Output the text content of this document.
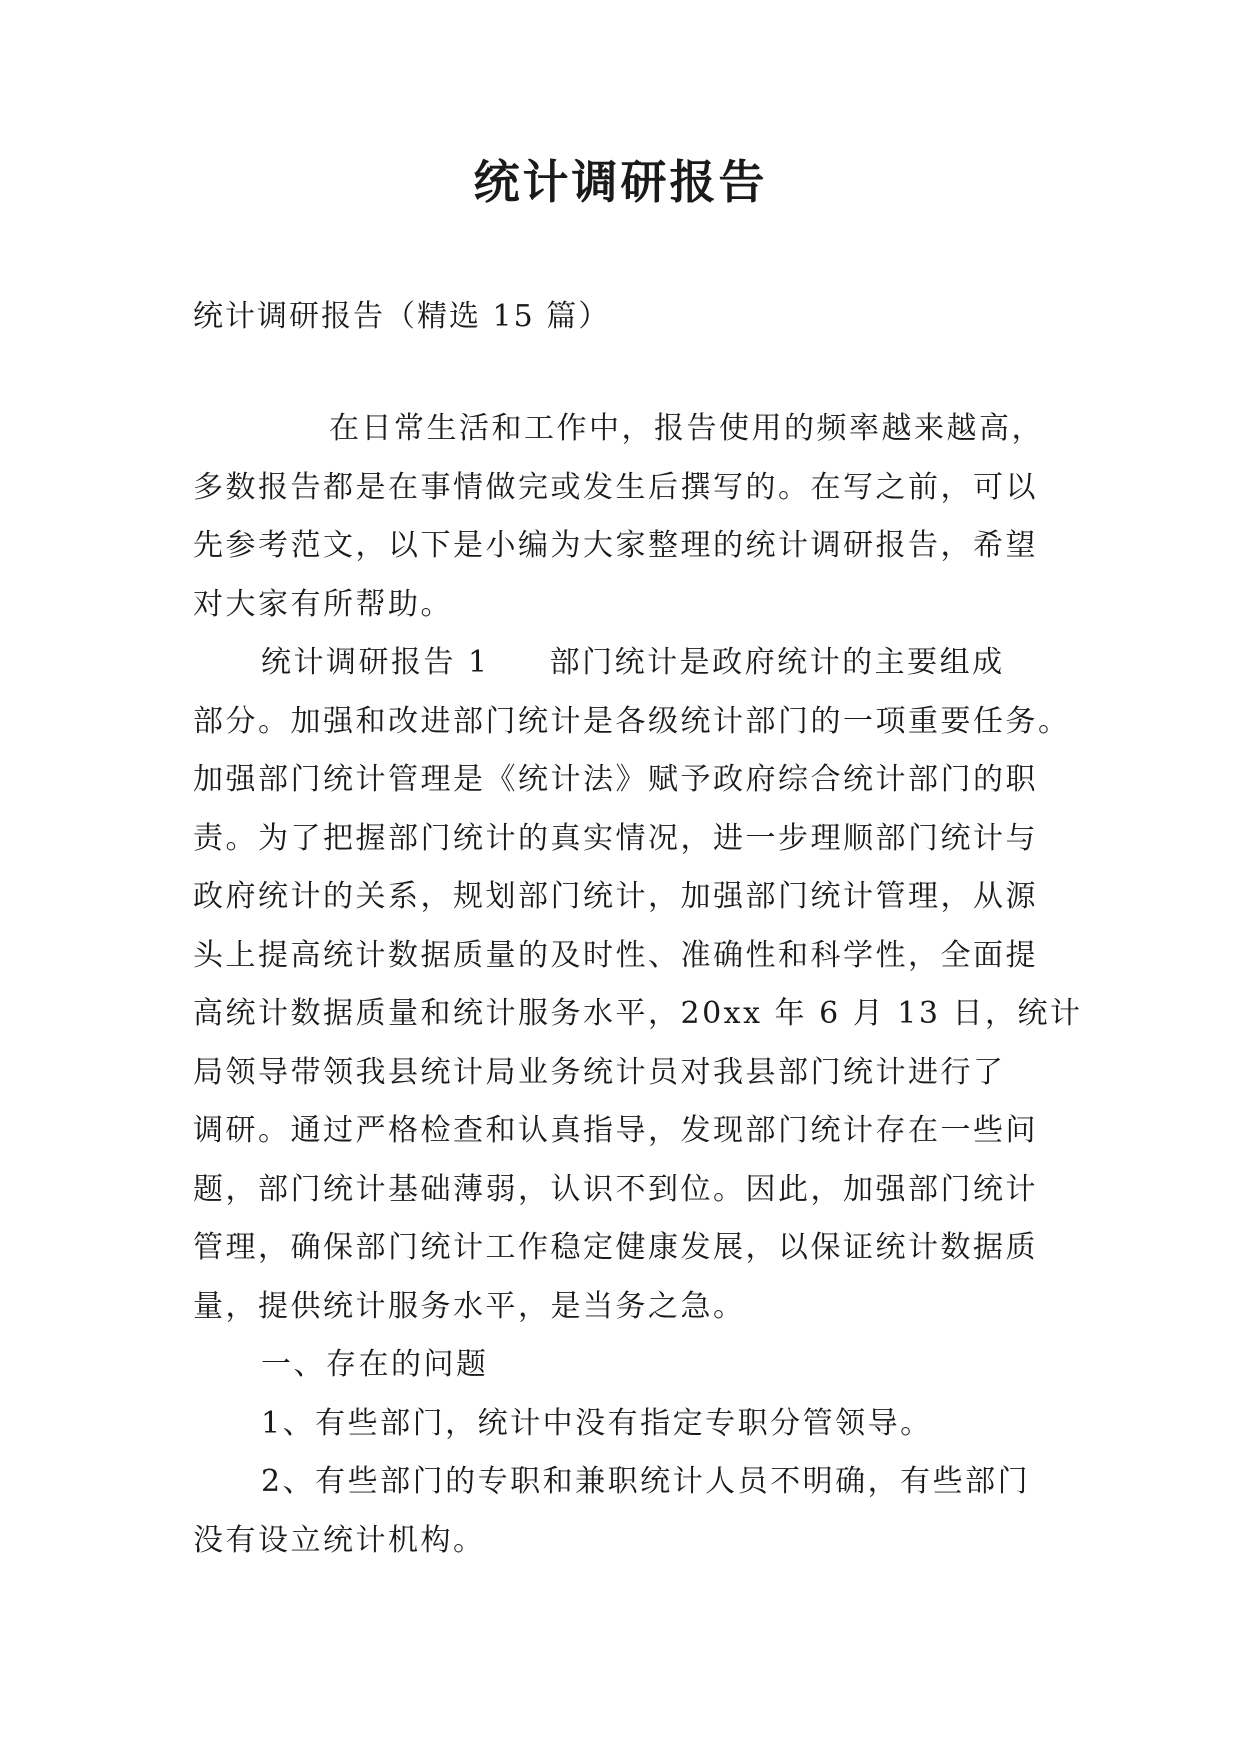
统计调研报告

统计调研报告（精选 15 篇）

在日常生活和工作中，报告使用的频率越来越高，
多数报告都是在事情做完或发生后撰写的。在写之前，可以
先参考范文，以下是小编为大家整理的统计调研报告，希望
对大家有所帮助。
统计调研报告 1 部门统计是政府统计的主要组成
部分。加强和改进部门统计是各级统计部门的一项重要任务。
加强部门统计管理是《统计法》赋予政府综合统计部门的职
责。为了把握部门统计的真实情况，进一步理顺部门统计与
政府统计的关系，规划部门统计，加强部门统计管理，从源
头上提高统计数据质量的及时性、准确性和科学性，全面提
高统计数据质量和统计服务水平，20xx 年 6 月 13 日，统计
局领导带领我县统计局业务统计员对我县部门统计进行了
调研。通过严格检查和认真指导，发现部门统计存在一些问
题，部门统计基础薄弱，认识不到位。因此，加强部门统计
管理，确保部门统计工作稳定健康发展，以保证统计数据质
量，提供统计服务水平，是当务之急。
一、存在的问题
1、有些部门，统计中没有指定专职分管领导。
2、有些部门的专职和兼职统计人员不明确，有些部门
没有设立统计机构。
